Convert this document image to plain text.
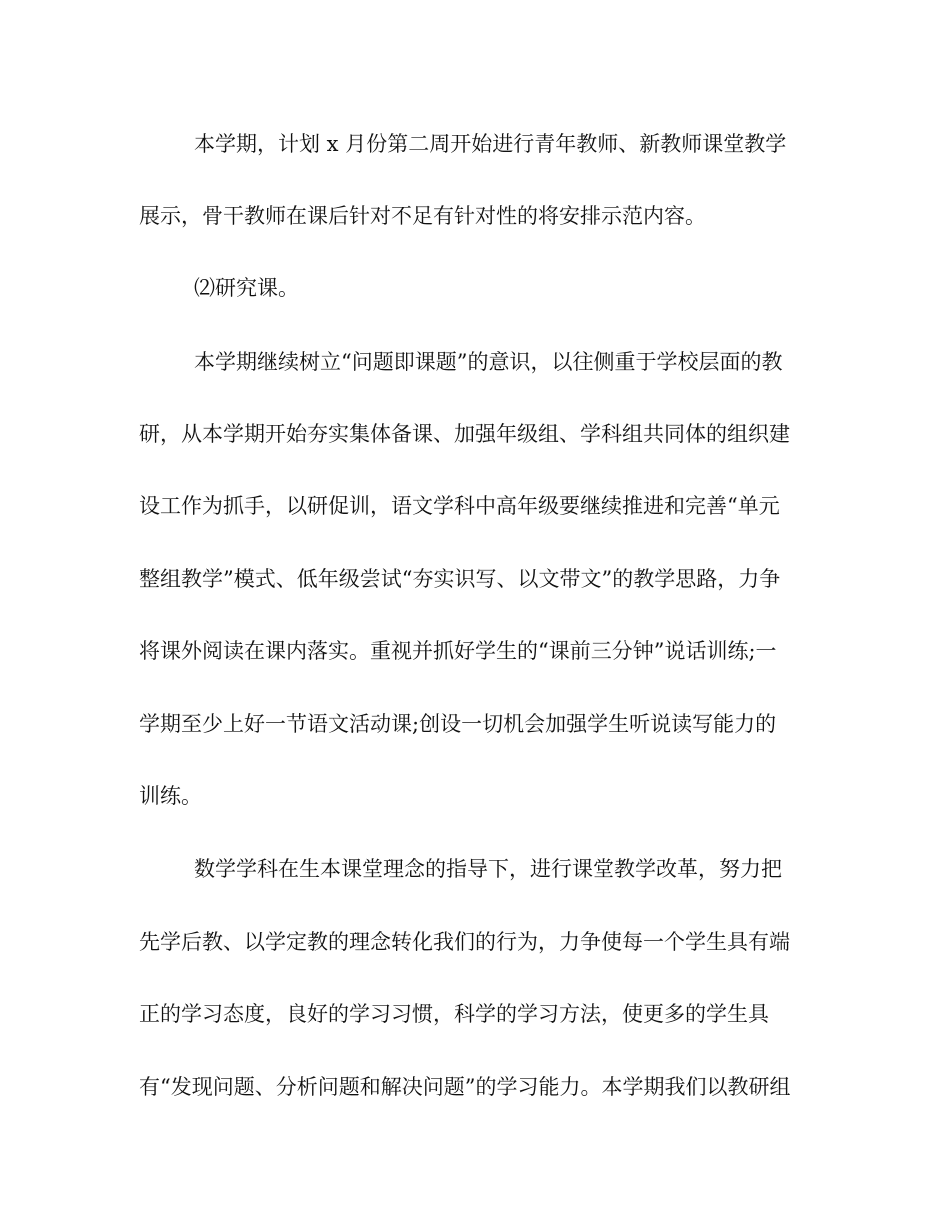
本学期，计划 x 月份第二周开始进行青年教师、新教师课堂教学
展示，骨干教师在课后针对不足有针对性的将安排示范内容。
⑵研究课。
本学期继续树立“问题即课题”的意识，以往侧重于学校层面的教
研，从本学期开始夯实集体备课、加强年级组、学科组共同体的组织建
设工作为抓手，以研促训，语文学科中高年级要继续推进和完善“单元
整组教学”模式、低年级尝试“夯实识写、以文带文”的教学思路，力争
将课外阅读在课内落实。重视并抓好学生的“课前三分钟”说话训练;一
学期至少上好一节语文活动课;创设一切机会加强学生听说读写能力的
训练。
数学学科在生本课堂理念的指导下，进行课堂教学改革，努力把
先学后教、以学定教的理念转化我们的行为，力争使每一个学生具有端
正的学习态度，良好的学习习惯，科学的学习方法，使更多的学生具
有“发现问题、分析问题和解决问题”的学习能力。本学期我们以教研组
